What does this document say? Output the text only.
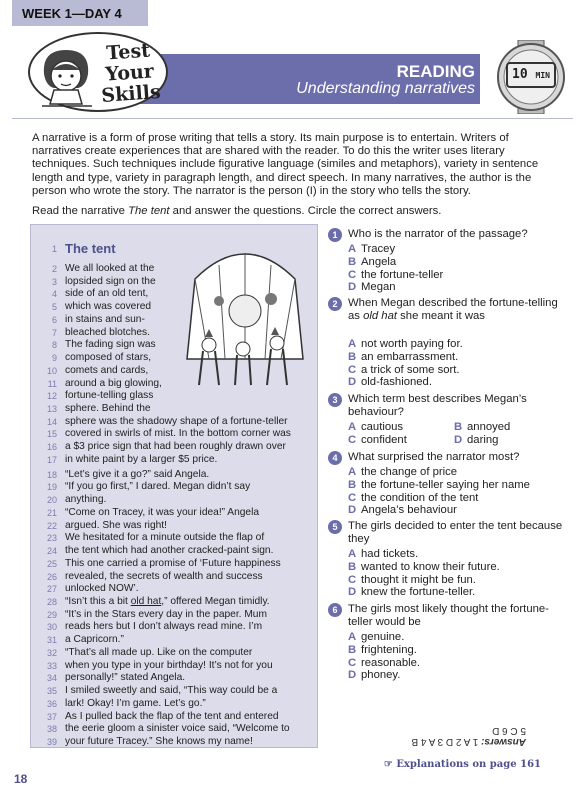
WEEK 1—DAY 4
READING
Understanding narratives
Test
Your
Skills
10 MIN
A narrative is a form of prose writing that tells a story. Its main purpose is to entertain. Writers of narratives create experiences that are shared with the reader. To do this the writer uses literary techniques. Such techniques include figurative language (similes and metaphors), variety in sentence length and type, variety in paragraph length, and direct speech. In many narratives, the author is the person who wrote the story. The narrator is the person (I) in the story who tells the story.
Read the narrative The tent and answer the questions. Circle the correct answers.
The tent
1
2 We all looked at the
3 lopsided sign on the
4 side of an old tent,
5 which was covered
6 in stains and sun-
7 bleached blotches.
8 The fading sign was
9 composed of stars,
10 comets and cards,
11 around a big glowing,
12 fortune-telling glass
13 sphere. Behind the
14 sphere was the shadowy shape of a fortune-teller
15 covered in swirls of mist. In the bottom corner was
16 a $3 price sign that had been roughly drawn over
17 in white paint by a larger $5 price.
18 “Let’s give it a go?” said Angela.
19 “If you go first,” I dared. Megan didn’t say
20 anything.
21 “Come on Tracey, it was your idea!” Angela
22 argued. She was right!
23 We hesitated for a minute outside the flap of
24 the tent which had another cracked-paint sign.
25 This one carried a promise of ‘Future happiness
26 revealed, the secrets of wealth and success
27 unlocked NOW’.
28 “Isn’t this a bit old hat,” offered Megan timidly.
29 “It’s in the Stars every day in the paper. Mum
30 reads hers but I don’t always read mine. I’m
31 a Capricorn.”
32 “That’s all made up. Like on the computer
33 when you type in your birthday! It’s not for you
34 personally!” stated Angela.
35 I smiled sweetly and said, “This way could be a
36 lark! Okay! I’m game. Let’s go.”
37 As I pulled back the flap of the tent and entered
38 the eerie gloom a sinister voice said, “Welcome to
39 your future Tracey.” She knows my name!
1 Who is the narrator of the passage?
A Tracey
B Angela
C the fortune-teller
D Megan
2 When Megan described the fortune-telling as old hat she meant it was
A not worth paying for.
B an embarrassment.
C a trick of some sort.
D old-fashioned.
3 Which term best describes Megan’s behaviour?
A cautious	B annoyed
C confident	D daring
4 What surprised the narrator most?
A the change of price
B the fortune-teller saying her name
C the condition of the tent
D Angela’s behaviour
5 The girls decided to enter the tent because they
A had tickets.
B wanted to know their future.
C thought it might be fun.
D knew the fortune-teller.
6 The girls most likely thought the fortune-teller would be
A genuine.
B frightening.
C reasonable.
D phoney.
Answers: 1 A 2 D 3 A 4 B
5 C 6 D
☞ Explanations on page 161
18
